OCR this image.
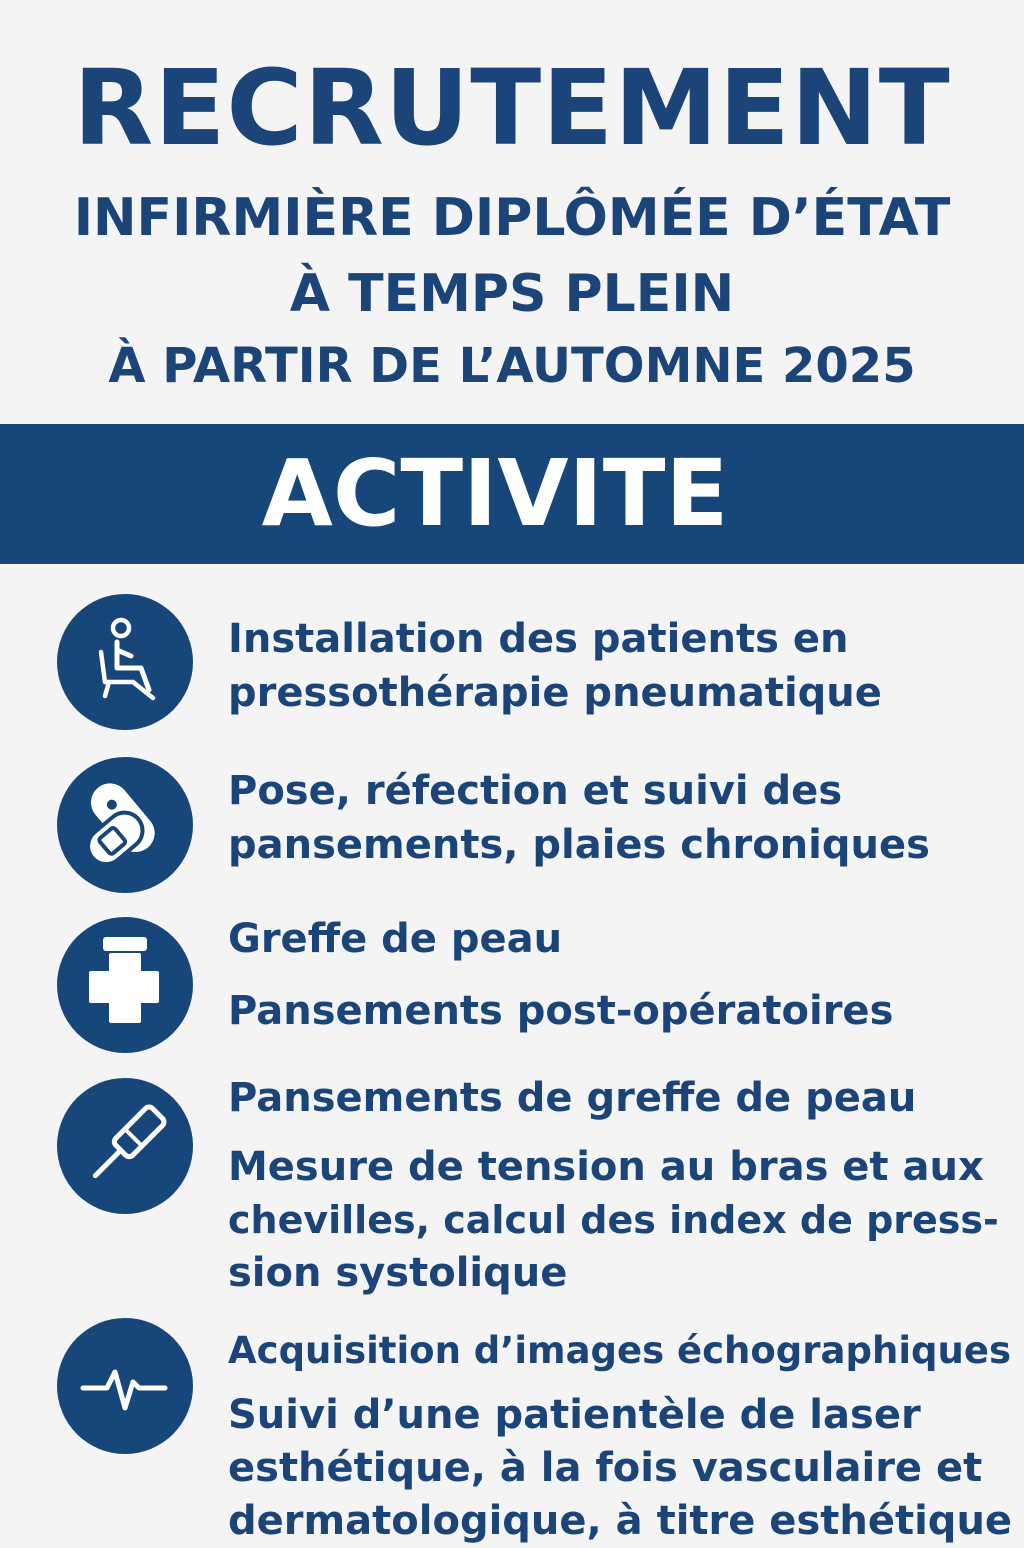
RECRUTEMENT
INFIRMIÈRE DIPLÔMÉE D’ÉTAT
À TEMPS PLEIN
À PARTIR DE L’AUTOMNE 2025
ACTIVITE
Installation des patients en
pressothérapie pneumatique
Pose, réfection et suivi des
pansements, plaies chroniques
Greffe de peau
Pansements post-opératoires
Pansements de greffe de peau
Mesure de tension au bras et aux
chevilles, calcul des index de press-
sion systolique
Acquisition d’images échographiques
Suivi d’une patientèle de laser
esthétique, à la fois vasculaire et
dermatologique, à titre esthétique
